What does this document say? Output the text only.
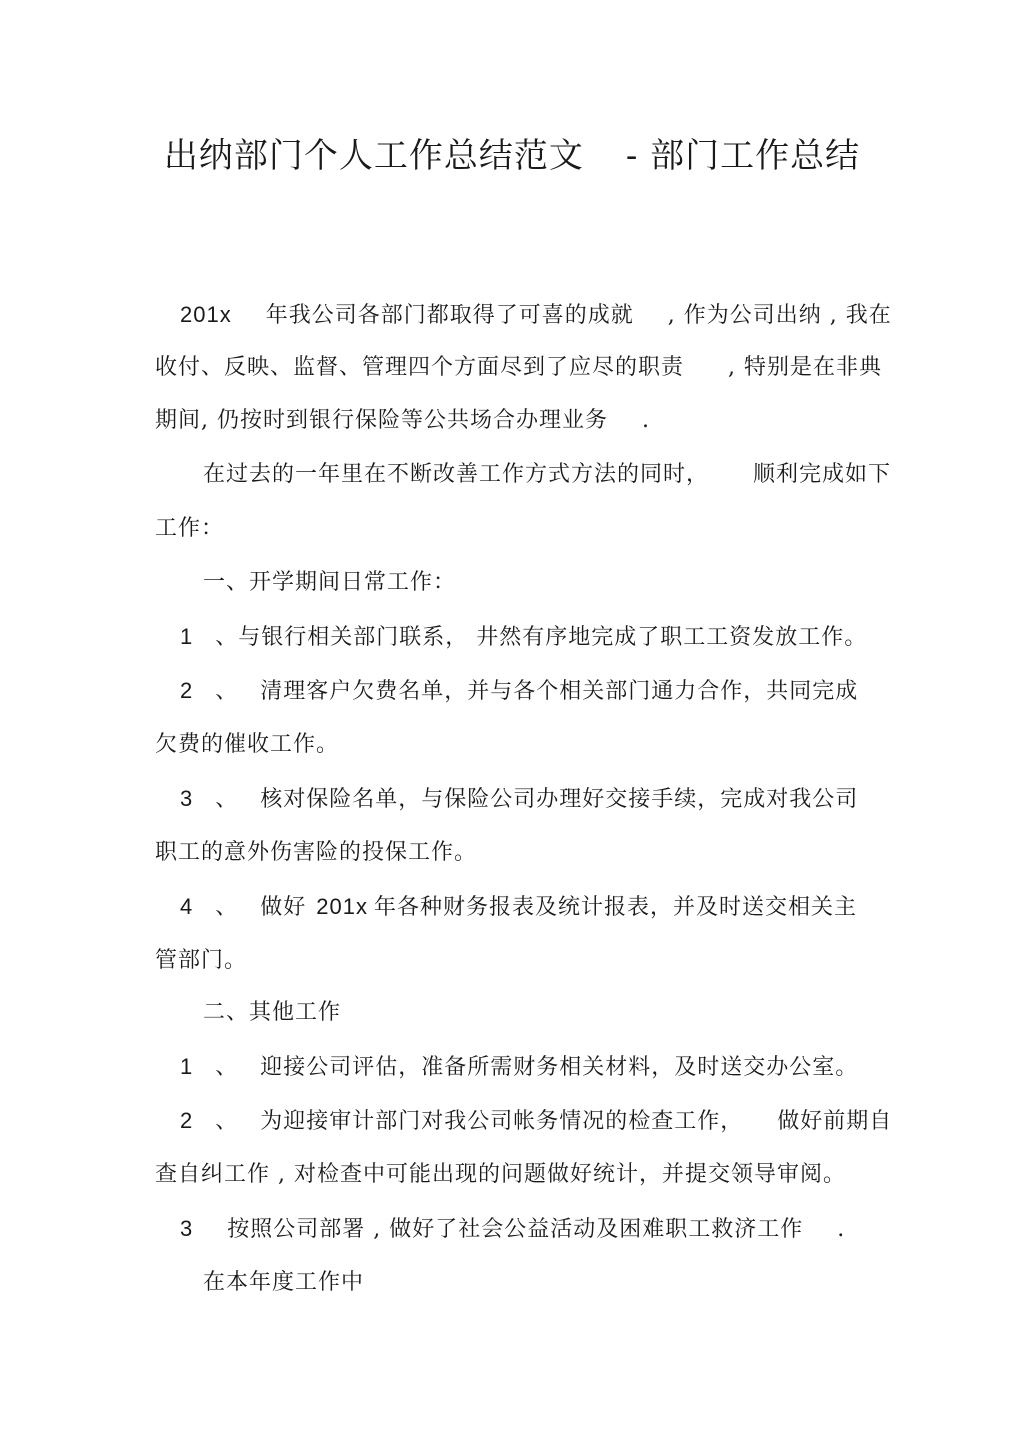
出纳部门个人工作总结范文 - 部门工作总结
201x 年我公司各部门都取得了可喜的成就 , 作为公司出纳 , 我在
收付、反映、监督、管理四个方面尽到了应尽的职责 , 特别是在非典
期间, 仍按时到银行保险等公共场合办理业务 .
在过去的一年里在不断改善工作方式方法的同时， 顺利完成如下
工作：
一、开学期间日常工作：
1 、与银行相关部门联系， 井然有序地完成了职工工资发放工作。
2 、 清理客户欠费名单，并与各个相关部门通力合作，共同完成
欠费的催收工作。
3 、 核对保险名单，与保险公司办理好交接手续，完成对我公司
职工的意外伤害险的投保工作。
4 、 做好 201x 年各种财务报表及统计报表，并及时送交相关主
管部门。
二、其他工作
1 、 迎接公司评估，准备所需财务相关材料，及时送交办公室。
2 、 为迎接审计部门对我公司帐务情况的检查工作， 做好前期自
查自纠工作 , 对检查中可能出现的问题做好统计，并提交领导审阅。
3 按照公司部署 , 做好了社会公益活动及困难职工救济工作 .
在本年度工作中
